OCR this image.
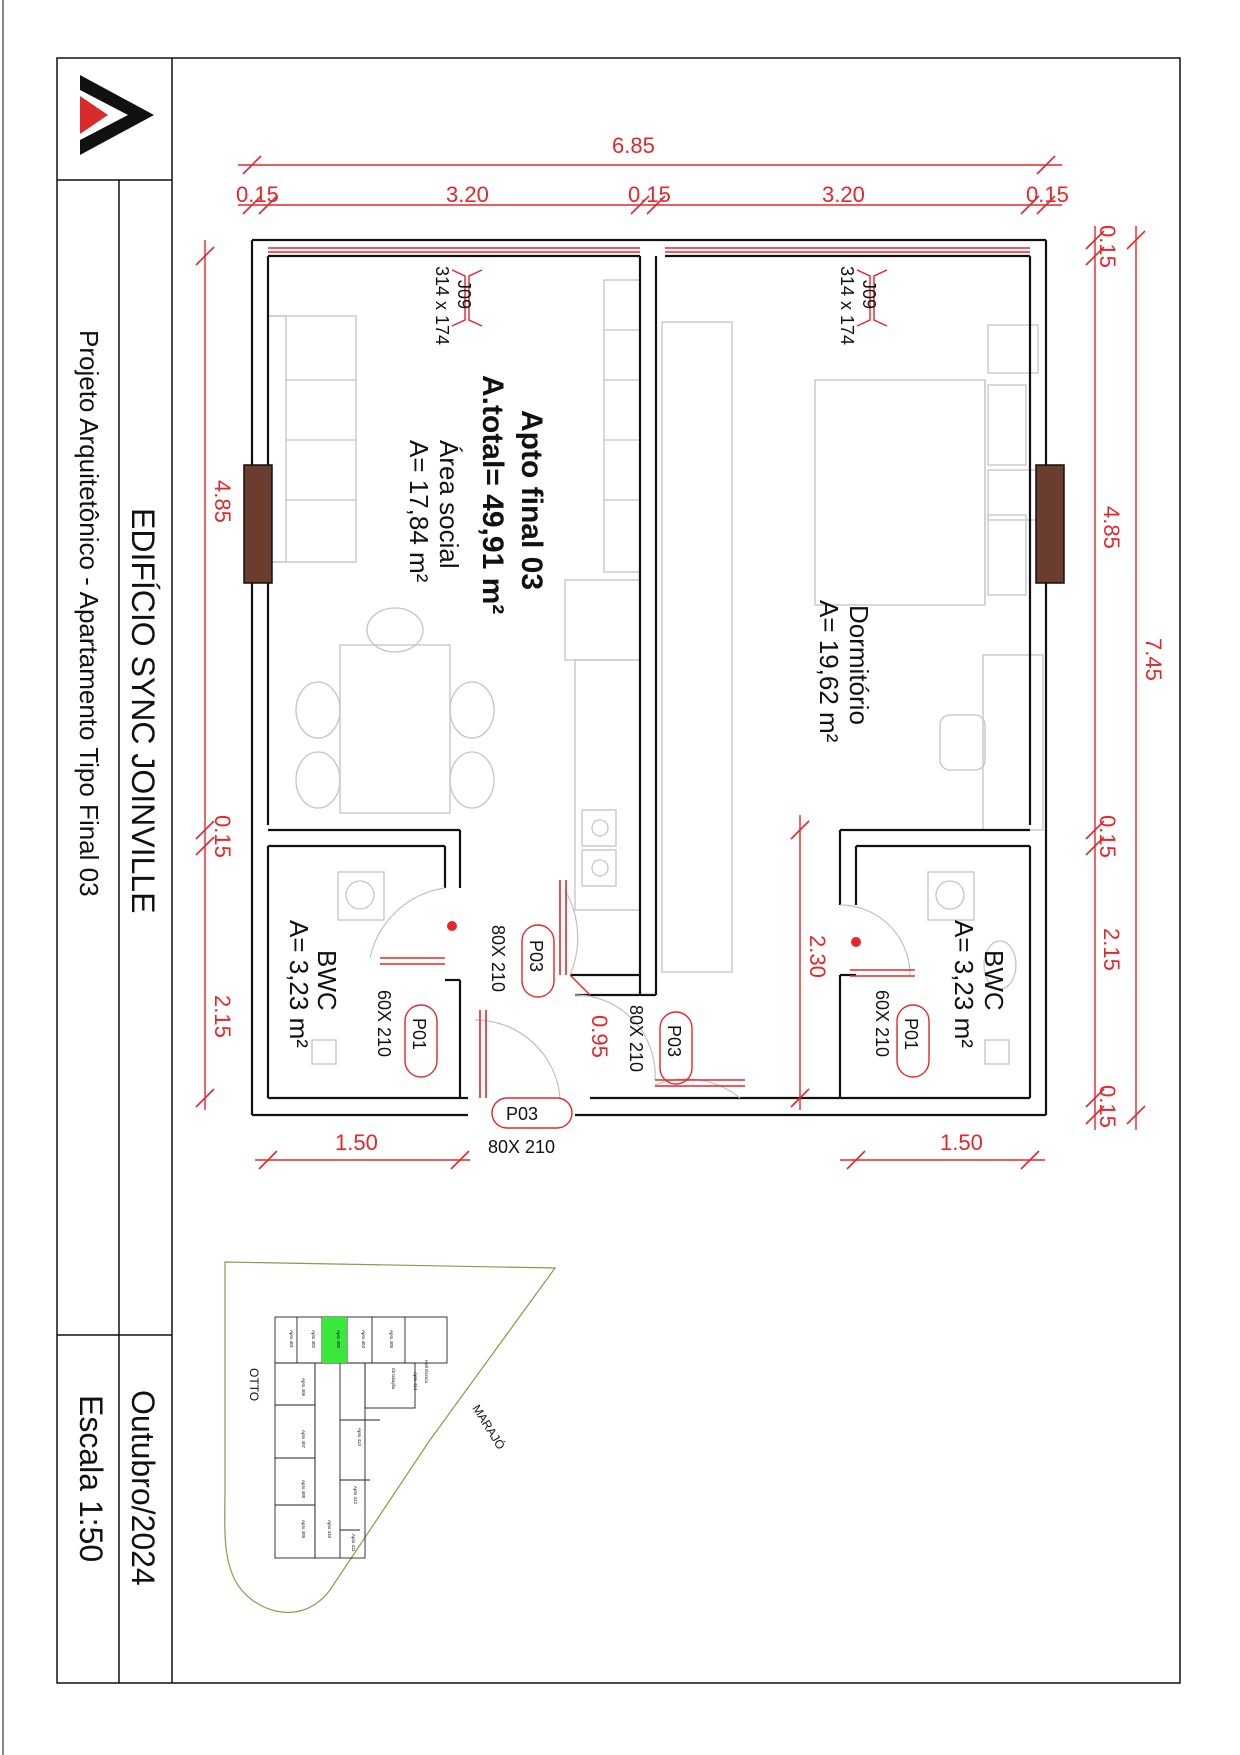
EDIFÍCIO SYNC JOINVILLE
Projeto Arquitetônico - Apartamento Tipo Final 03
Outubro/2024
Escala 1:50
Apto final 03
A.total= 49,91 m²
Área social
A= 17,84 m²
Dormitório
A= 19,62 m²
BWC
A= 3,23 m²	BWC
A= 3,23 m²
J09
314 x 174	J09
314 x 174
P01
60X 210	P01
60X 210
P03
80X 210
P03
80X 210
P03
80X 210
6.85
0.15	3.20	0.15	3.20	0.15
7.45
0.15
4.85
0.15
2.15
0.15
4.85
0.15
2.15	0.95
2.30
1.50	1.50
MARAJÓ
OTTO
Apto 401	Apto 402	Apto 403	Apto 404	Apto 405
Circulação	Apto 414
Apto 413
Apto 412
Apto 411
Apto 406
Apto 407
Apto 408
Apto 409	Apto 410
Hall técnico
